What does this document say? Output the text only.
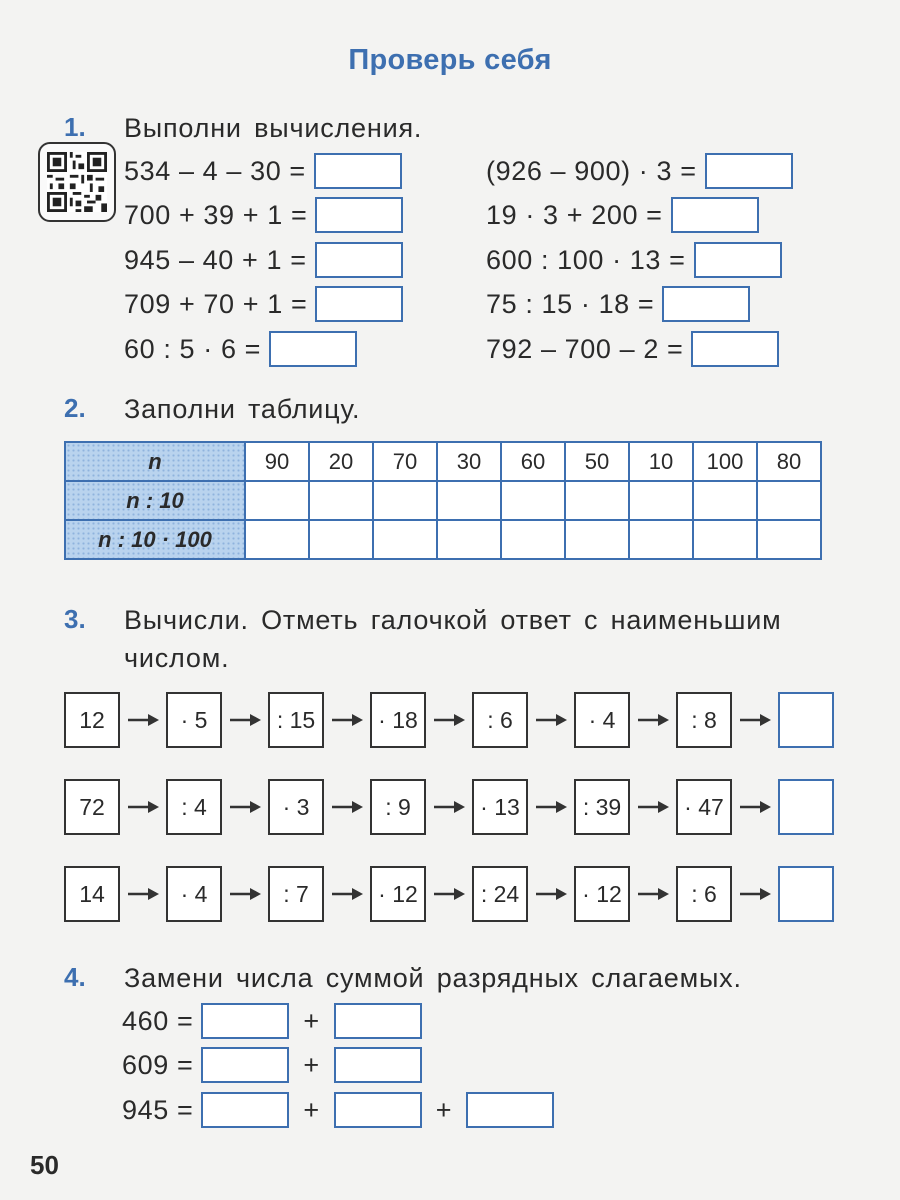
Проверь себя
1. Выполни вычисления.
534 – 4 – 30 =
700 + 39 + 1 =
945 – 40 + 1 =
709 + 70 + 1 =
60 : 5 · 6 =
(926 – 900) · 3 =
19 · 3 + 200 =
600 : 100 · 13 =
75 : 15 · 18 =
792 – 700 – 2 =
2. Заполни таблицу.
n	90	20	70	30	60	50	10	100	80
n : 10									
n : 10 · 100									
3. Вычисли. Отметь галочкой ответ с наименьшим
числом.
12	· 5	: 15	· 18	: 6	· 4	: 8
72	: 4	· 3	: 9	· 13	: 39	· 47
14	· 4	: 7	· 12	: 24	· 12	: 6
4. Замени числа суммой разрядных слагаемых.
460 =	+
609 =	+
945 =	+	+
50
